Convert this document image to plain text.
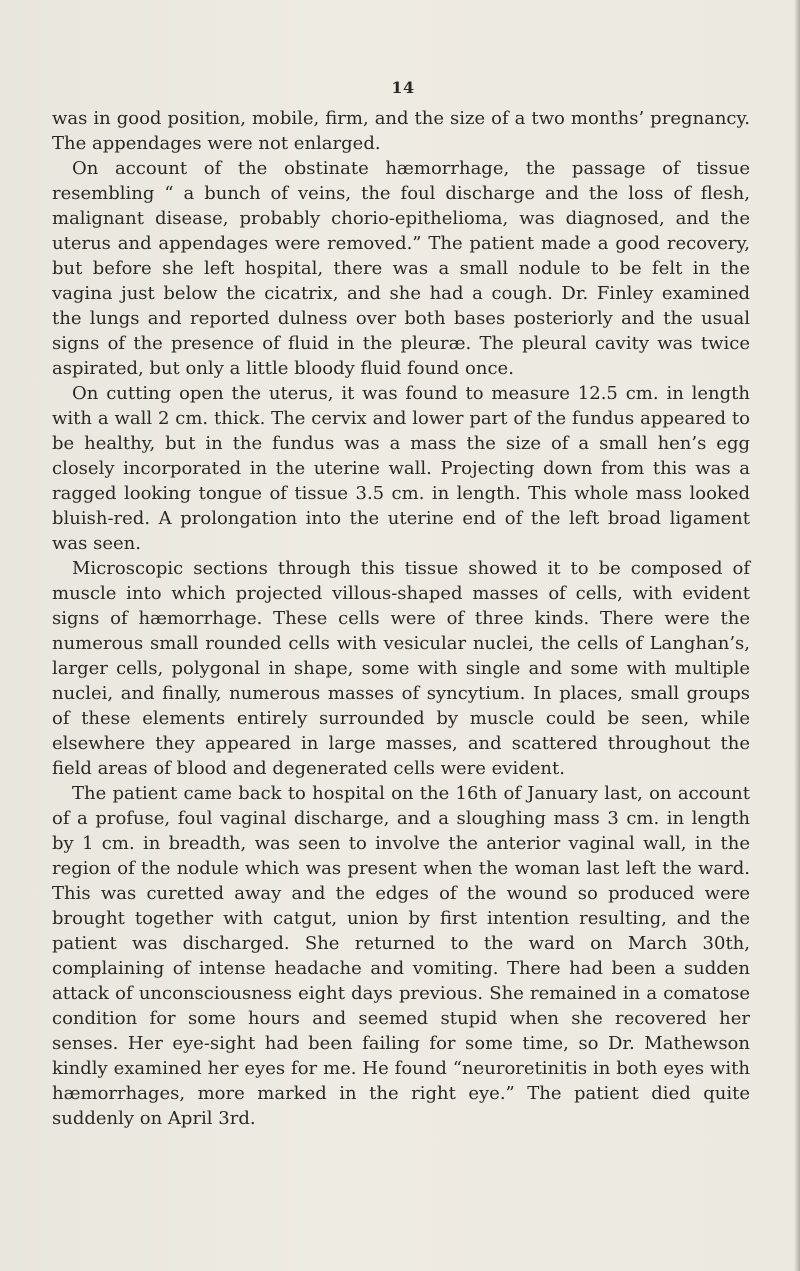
14

was in good position, mobile, firm, and the size of a two months’ pregnancy. The appendages were not enlarged.

On account of the obstinate hæmorrhage, the passage of tissue resembling “ a bunch of veins, the foul discharge and the loss of flesh, malignant disease, probably chorio-epithelioma, was diagnosed, and the uterus and appendages were removed.” The patient made a good recovery, but before she left hospital, there was a small nodule to be felt in the vagina just below the cicatrix, and she had a cough. Dr. Finley examined the lungs and reported dulness over both bases posteriorly and the usual signs of the presence of fluid in the pleuræ. The pleural cavity was twice aspirated, but only a little bloody fluid found once.

On cutting open the uterus, it was found to measure 12.5 cm. in length with a wall 2 cm. thick. The cervix and lower part of the fundus appeared to be healthy, but in the fundus was a mass the size of a small hen’s egg closely incorporated in the uterine wall. Projecting down from this was a ragged looking tongue of tissue 3.5 cm. in length. This whole mass looked bluish-red. A prolongation into the uterine end of the left broad ligament was seen.

Microscopic sections through this tissue showed it to be composed of muscle into which projected villous-shaped masses of cells, with evident signs of hæmorrhage. These cells were of three kinds. There were the numerous small rounded cells with vesicular nuclei, the cells of Langhan’s, larger cells, polygonal in shape, some with single and some with multiple nuclei, and finally, numerous masses of syncytium. In places, small groups of these elements entirely surrounded by muscle could be seen, while elsewhere they appeared in large masses, and scattered throughout the field areas of blood and degenerated cells were evident.

The patient came back to hospital on the 16th of January last, on account of a profuse, foul vaginal discharge, and a sloughing mass 3 cm. in length by 1 cm. in breadth, was seen to involve the anterior vaginal wall, in the region of the nodule which was present when the woman last left the ward. This was curetted away and the edges of the wound so produced were brought together with catgut, union by first intention resulting, and the patient was discharged. She returned to the ward on March 30th, complaining of intense headache and vomiting. There had been a sudden attack of unconsciousness eight days previous. She remained in a comatose condition for some hours and seemed stupid when she recovered her senses. Her eye-sight had been failing for some time, so Dr. Mathewson kindly examined her eyes for me. He found “neuroretinitis in both eyes with hæmorrhages, more marked in the right eye.” The patient died quite suddenly on April 3rd.
